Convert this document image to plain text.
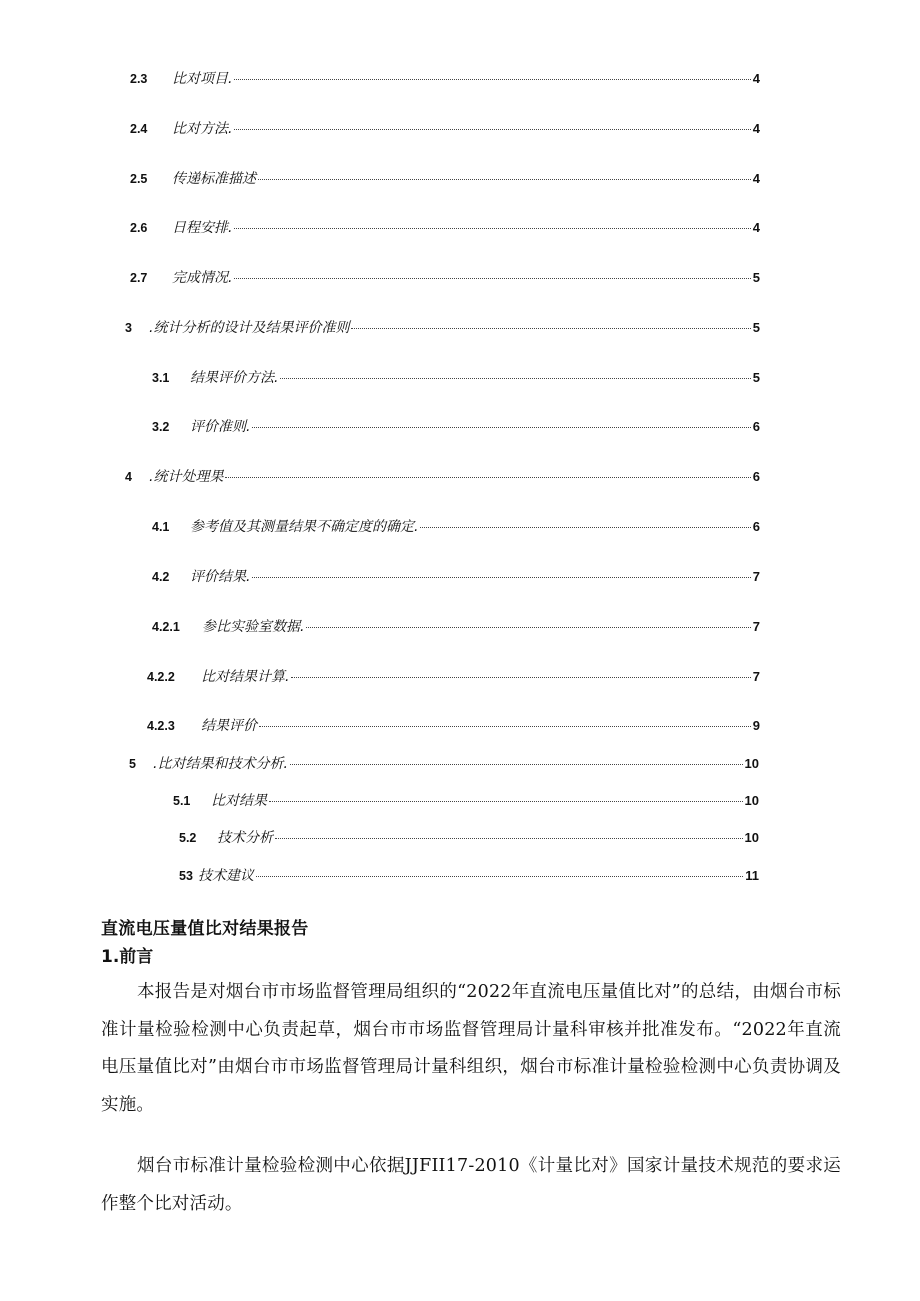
2.3	比对项目.	4
2.4	比对方法.	4
2.5	传递标准描述	4
2.6	日程安排.	4
2.7	完成情况.	5
3	.统计分析的设计及结果评价准则	5
3.1	结果评价方法.	5
3.2	评价准则.	6
4	.统计处理果	6
4.1	参考值及其测量结果不确定度的确定.	6
4.2	评价结果.	7
4.2.1	参比实验室数据.	7
4.2.2	比对结果计算.	7
4.2.3	结果评价	9
5	.比对结果和技术分析.	10
5.1	比对结果	10
5.2	技术分析	10
53 技术建议	11
直流电压量值比对结果报告
1.前言

本报告是对烟台市市场监督管理局组织的“2022年直流电压量值比对”的总结，由烟台市标准计量检验检测中心负责起草，烟台市市场监督管理局计量科审核并批准发布。“2022年直流电压量值比对”由烟台市市场监督管理局计量科组织，烟台市标准计量检验检测中心负责协调及实施。

烟台市标准计量检验检测中心依据JJFII17-2010《计量比对》国家计量技术规范的要求运作整个比对活动。
